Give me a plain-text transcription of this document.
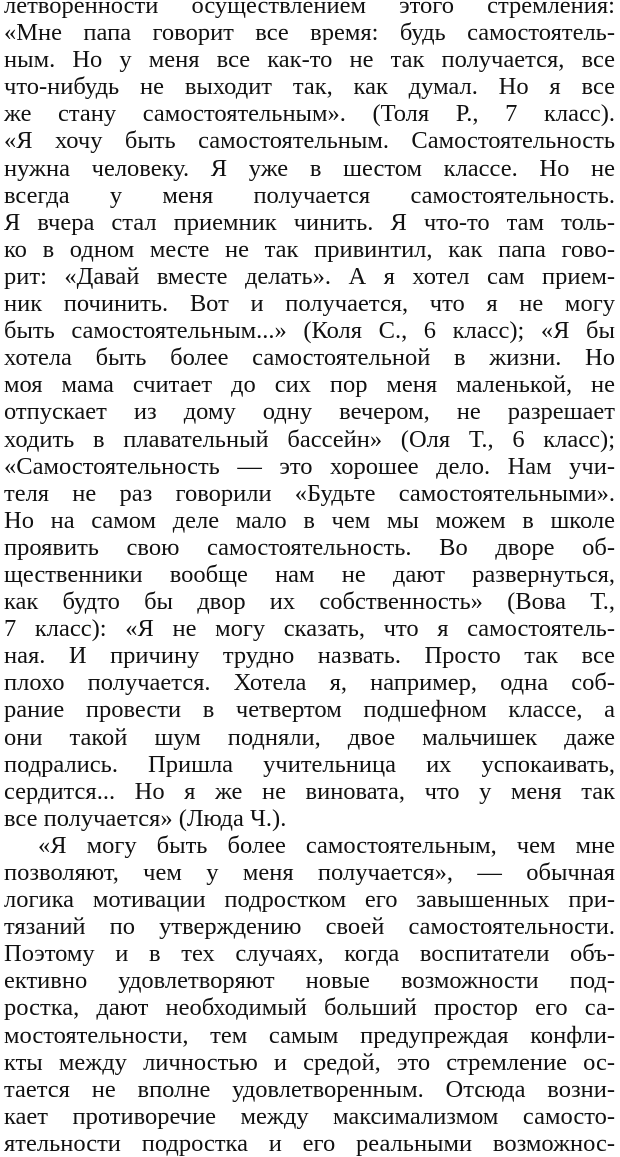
летворенности осуществлением этого стремления:
«Мне папа говорит все время: будь самостоятель-
ным. Но у меня все как-то не так получается, все
что-нибудь не выходит так, как думал. Но я все
же стану самостоятельным». (Толя Р., 7 класс).
«Я хочу быть самостоятельным. Самостоятельность
нужна человеку. Я уже в шестом классе. Но не
всегда у меня получается самостоятельность.
Я вчера стал приемник чинить. Я что-то там толь-
ко в одном месте не так привинтил, как папа гово-
рит: «Давай вместе делать». А я хотел сам прием-
ник починить. Вот и получается, что я не могу
быть самостоятельным...» (Коля С., 6 класс); «Я бы
хотела быть более самостоятельной в жизни. Но
моя мама считает до сих пор меня маленькой, не
отпускает из дому одну вечером, не разрешает
ходить в плавательный бассейн» (Оля Т., 6 класс);
«Самостоятельность — это хорошее дело. Нам учи-
теля не раз говорили «Будьте самостоятельными».
Но на самом деле мало в чем мы можем в школе
проявить свою самостоятельность. Во дворе об-
щественники вообще нам не дают развернуться,
как будто бы двор их собственность» (Вова Т.,
7 класс): «Я не могу сказать, что я самостоятель-
ная. И причину трудно назвать. Просто так все
плохо получается. Хотела я, например, одна соб-
рание провести в четвертом подшефном классе, а
они такой шум подняли, двое мальчишек даже
подрались. Пришла учительница их успокаивать,
сердится... Но я же не виновата, что у меня так
все получается» (Люда Ч.).
«Я могу быть более самостоятельным, чем мне
позволяют, чем у меня получается», — обычная
логика мотивации подростком его завышенных при-
тязаний по утверждению своей самостоятельности.
Поэтому и в тех случаях, когда воспитатели объ-
ективно удовлетворяют новые возможности под-
ростка, дают необходимый больший простор его са-
мостоятельности, тем самым предупреждая конфли-
кты между личностью и средой, это стремление ос-
тается не вполне удовлетворенным. Отсюда возни-
кает противоречие между максимализмом самосто-
ятельности подростка и его реальными возможнос-
